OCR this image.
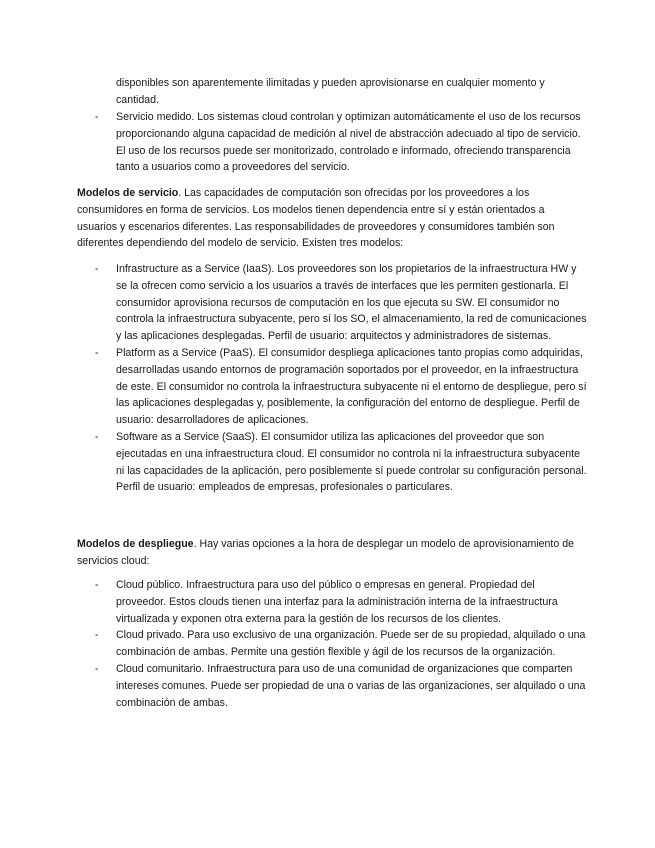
disponibles son aparentemente ilimitadas y pueden aprovisionarse en cualquier momento y cantidad.

- Servicio medido. Los sistemas cloud controlan y optimizan automáticamente el uso de los recursos proporcionando alguna capacidad de medición al nivel de abstracción adecuado al tipo de servicio. El uso de los recursos puede ser monitorizado, controlado e informado, ofreciendo transparencia tanto a usuarios como a proveedores del servicio.

Modelos de servicio. Las capacidades de computación son ofrecidas por los proveedores a los consumidores en forma de servicios. Los modelos tienen dependencia entre sí y están orientados a usuarios y escenarios diferentes. Las responsabilidades de proveedores y consumidores también son diferentes dependiendo del modelo de servicio. Existen tres modelos:

- Infrastructure as a Service (IaaS). Los proveedores son los propietarios de la infraestructura HW y se la ofrecen como servicio a los usuarios a través de interfaces que les permiten gestionarla. El consumidor aprovisiona recursos de computación en los que ejecuta su SW. El consumidor no controla la infraestructura subyacente, pero sí los SO, el almacenamiento, la red de comunicaciones y las aplicaciones desplegadas. Perfil de usuario: arquitectos y administradores de sistemas.
- Platform as a Service (PaaS). El consumidor despliega aplicaciones tanto propias como adquiridas, desarrolladas usando entornos de programación soportados por el proveedor, en la infraestructura de este. El consumidor no controla la infraestructura subyacente ni el entorno de despliegue, pero sí las aplicaciones desplegadas y, posiblemente, la configuración del entorno de despliegue. Perfil de usuario: desarrolladores de aplicaciones.
- Software as a Service (SaaS). El consumidor utiliza las aplicaciones del proveedor que son ejecutadas en una infraestructura cloud. El consumidor no controla ni la infraestructura subyacente ni las capacidades de la aplicación, pero posiblemente sí puede controlar su configuración personal. Perfil de usuario: empleados de empresas, profesionales o particulares.

Modelos de despliegue. Hay varias opciones a la hora de desplegar un modelo de aprovisionamiento de servicios cloud:

- Cloud público. Infraestructura para uso del público o empresas en general. Propiedad del proveedor. Estos clouds tienen una interfaz para la administración interna de la infraestructura virtualizada y exponen otra externa para la gestión de los recursos de los clientes.
- Cloud privado. Para uso exclusivo de una organización. Puede ser de su propiedad, alquilado o una combinación de ambas. Permite una gestión flexible y ágil de los recursos de la organización.
- Cloud comunitario. Infraestructura para uso de una comunidad de organizaciones que comparten intereses comunes. Puede ser propiedad de una o varias de las organizaciones, ser alquilado o una combinación de ambas.
